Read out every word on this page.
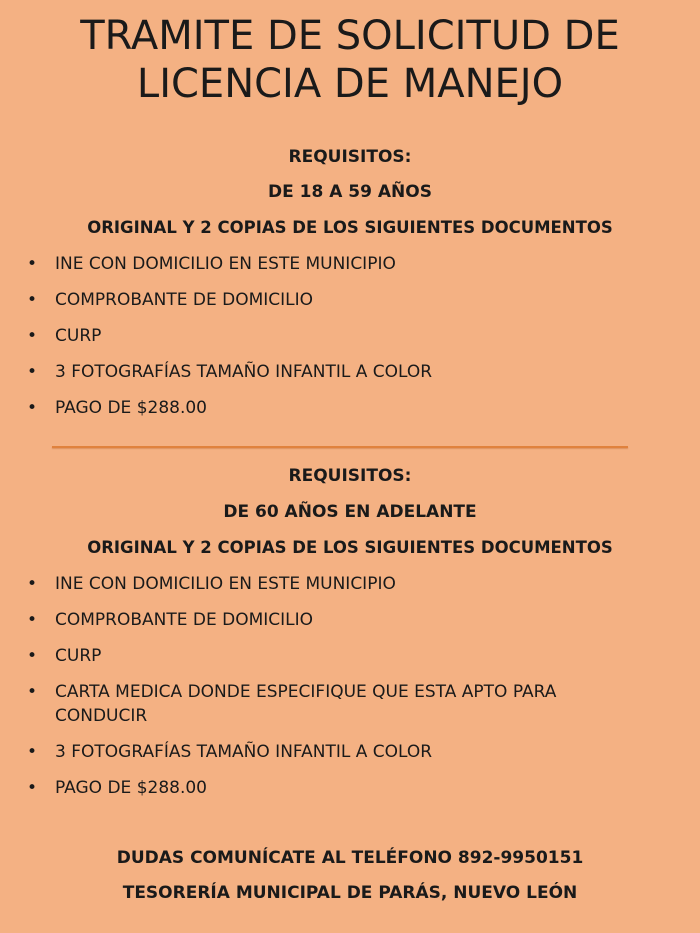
TRAMITE DE SOLICITUD DE
LICENCIA DE MANEJO
REQUISITOS:
DE 18 A 59 AÑOS
ORIGINAL Y 2 COPIAS DE LOS SIGUIENTES DOCUMENTOS
• INE CON DOMICILIO EN ESTE MUNICIPIO
• COMPROBANTE DE DOMICILIO
• CURP
• 3 FOTOGRAFÍAS TAMAÑO INFANTIL A COLOR
• PAGO DE $288.00
REQUISITOS:
DE 60 AÑOS EN ADELANTE
ORIGINAL Y 2 COPIAS DE LOS SIGUIENTES DOCUMENTOS
• INE CON DOMICILIO EN ESTE MUNICIPIO
• COMPROBANTE DE DOMICILIO
• CURP
• CARTA MEDICA DONDE ESPECIFIQUE QUE ESTA APTO PARA CONDUCIR
• 3 FOTOGRAFÍAS TAMAÑO INFANTIL A COLOR
• PAGO DE $288.00
DUDAS COMUNÍCATE AL TELÉFONO 892-9950151
TESORERÍA MUNICIPAL DE PARÁS, NUEVO LEÓN
